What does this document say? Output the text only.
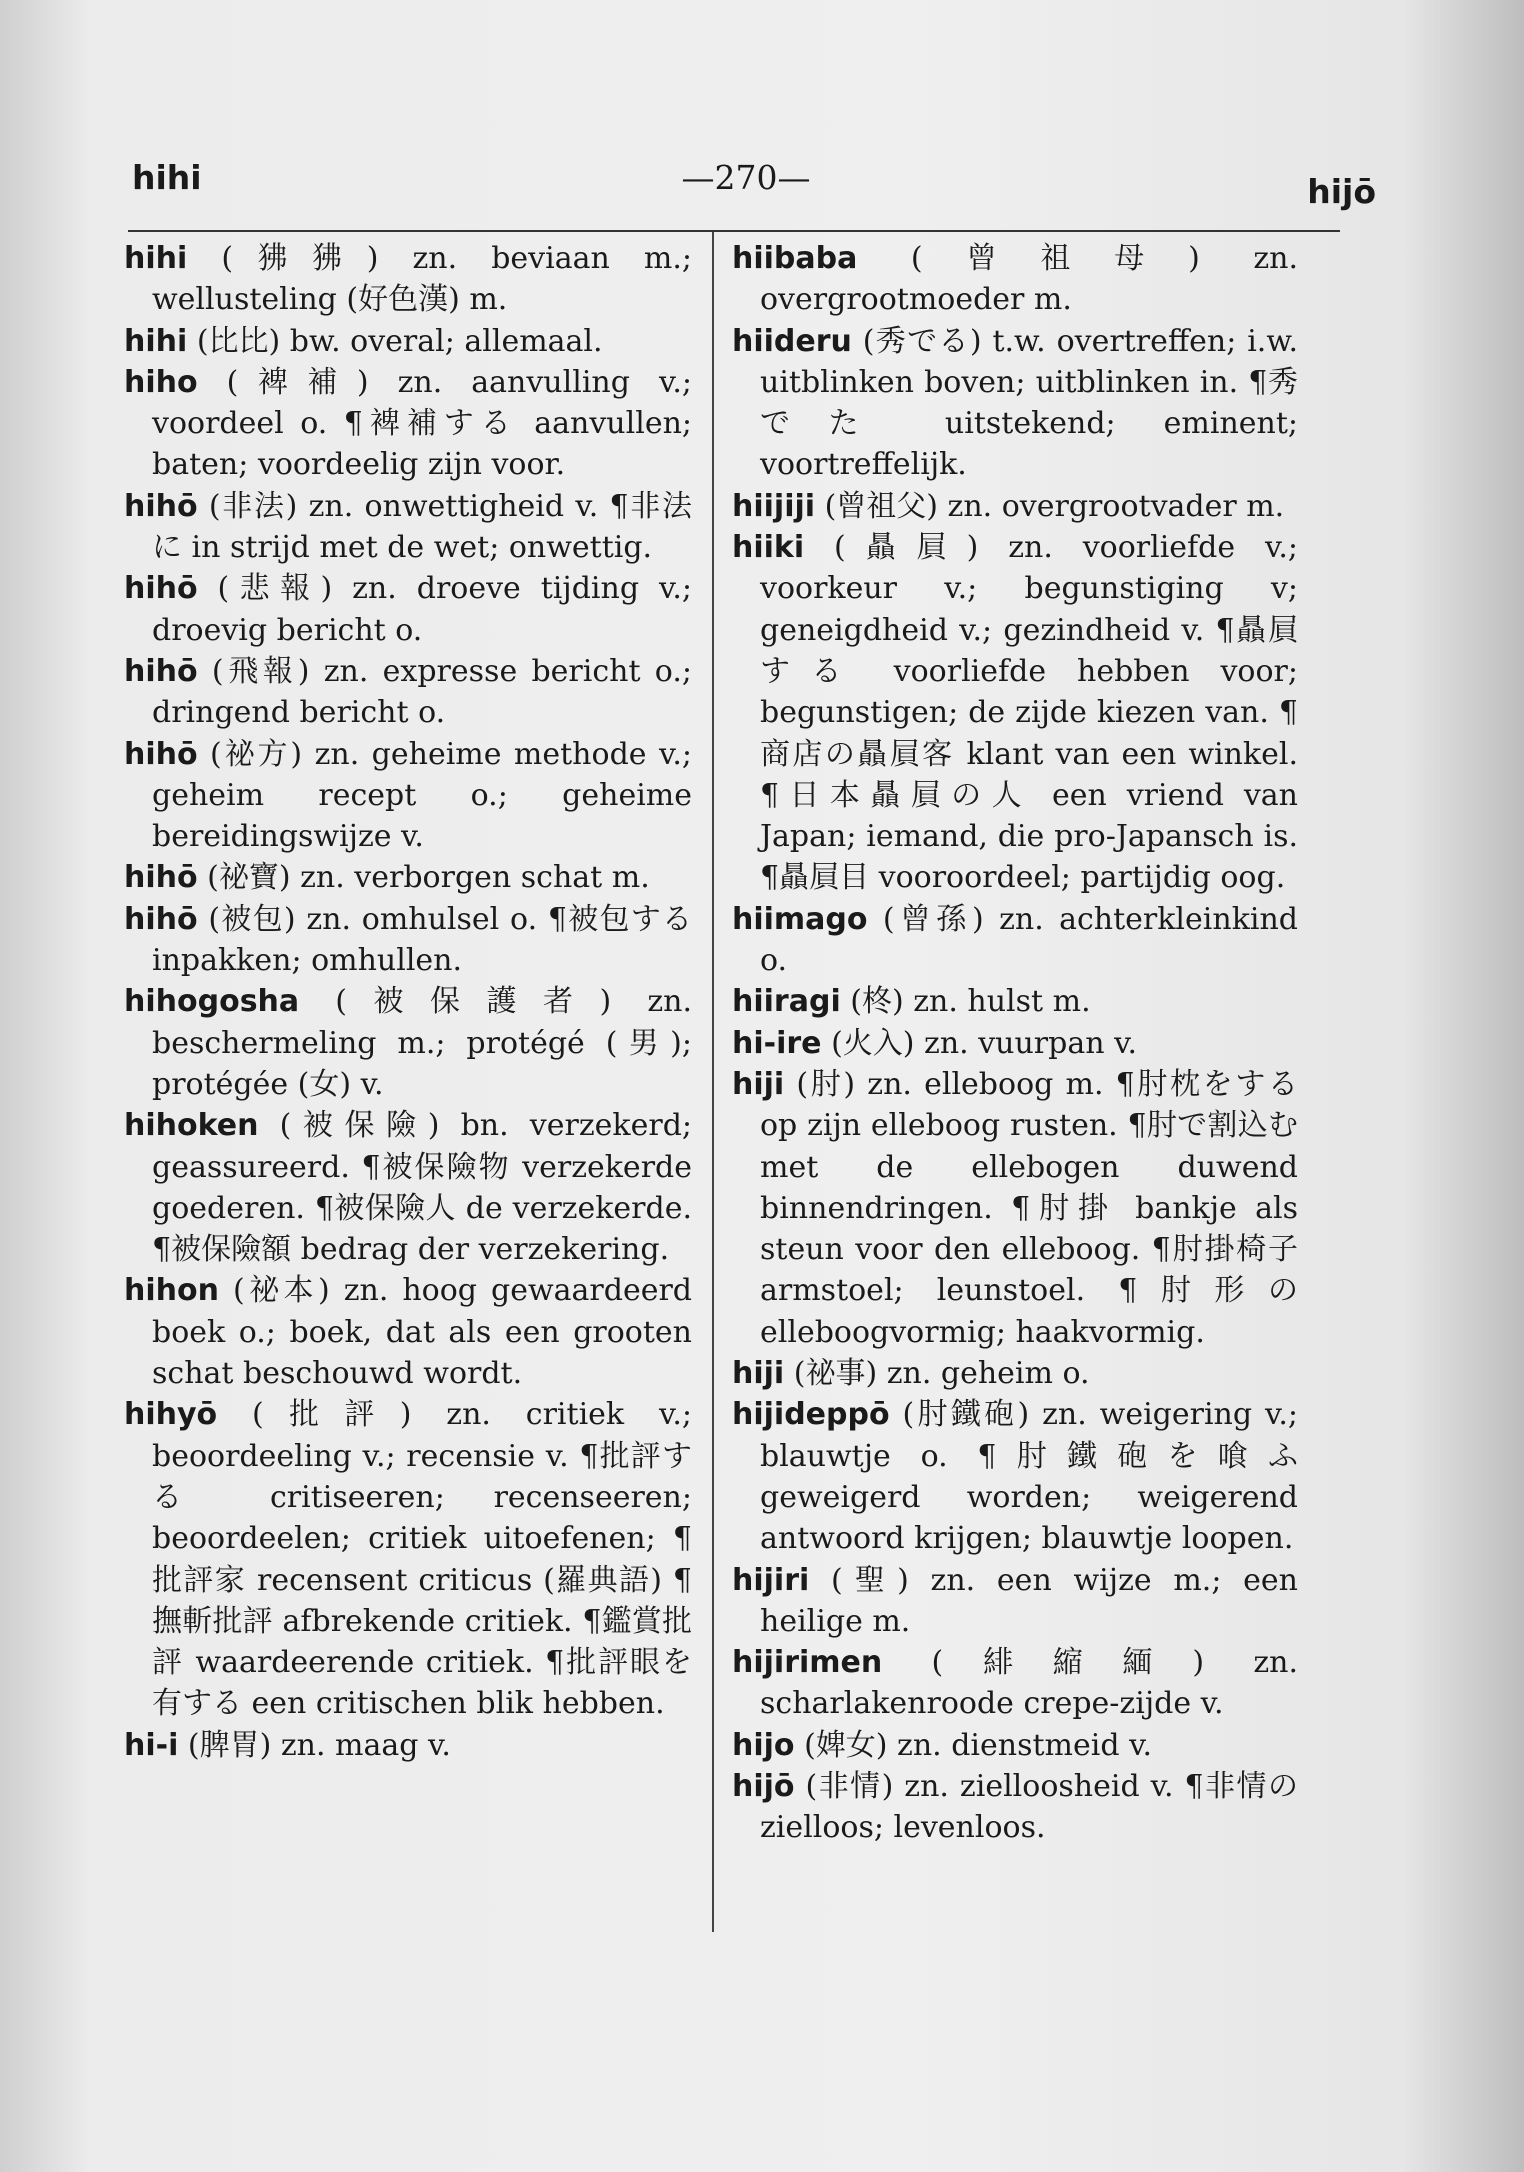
hihi	—270—	hijō
hihi (狒狒) zn. beviaan m.; wellusteling (好色漢) m.
hihi (比比) bw. overal; allemaal.
hiho (裨補) zn. aanvulling v.; voordeel o. ¶裨補する aanvullen; baten; voordeelig zijn voor.
hihō (非法) zn. onwettigheid v. ¶非法に in strijd met de wet; onwettig.
hihō (悲報) zn. droeve tijding v.; droevig bericht o.
hihō (飛報) zn. expresse bericht o.; dringend bericht o.
hihō (祕方) zn. geheime methode v.; geheim recept o.; geheime bereidingswijze v.
hihō (祕寶) zn. verborgen schat m.
hihō (被包) zn. omhulsel o. ¶被包する inpakken; omhullen.
hihogosha (被保護者) zn. beschermeling m.; protégé (男); protégée (女) v.
hihoken (被保險) bn. verzekerd; geassureerd. ¶被保險物 verzekerde goederen. ¶被保險人 de verzekerde. ¶被保險額 bedrag der verzekering.
hihon (祕本) zn. hoog gewaardeerd boek o.; boek, dat als een grooten schat beschouwd wordt.
hihyō (批評) zn. critiek v.; beoordeeling v.; recensie v. ¶批評する critiseeren; recenseeren; beoordeelen; critiek uitoefenen; ¶批評家 recensent criticus (羅典語) ¶撫斬批評 afbrekende critiek. ¶鑑賞批評 waardeerende critiek. ¶批評眼を有する een critischen blik hebben.
hi-i (脾胃) zn. maag v.
hiibaba (曾祖母) zn. overgrootmoeder m.
hiideru (秀でる) t.w. overtreffen; i.w. uitblinken boven; uitblinken in. ¶秀でた uitstekend; eminent; voortreffelijk.
hiijiji (曾祖父) zn. overgrootvader m.
hiiki (贔屓) zn. voorliefde v.; voorkeur v.; begunstiging v; geneigdheid v.; gezindheid v. ¶贔屓する voorliefde hebben voor; begunstigen; de zijde kiezen van. ¶商店の贔屓客 klant van een winkel. ¶日本贔屓の人 een vriend van Japan; iemand, die pro-Japansch is. ¶贔屓目 vooroordeel; partijdig oog.
hiimago (曾孫) zn. achterkleinkind o.
hiiragi (柊) zn. hulst m.
hi-ire (火入) zn. vuurpan v.
hiji (肘) zn. elleboog m. ¶肘枕をする op zijn elleboog rusten. ¶肘で割込む met de ellebogen duwend binnendringen. ¶肘掛 bankje als steun voor den elleboog. ¶肘掛椅子 armstoel; leunstoel. ¶肘形の elleboogvormig; haakvormig.
hiji (祕事) zn. geheim o.
hijideppō (肘鐵砲) zn. weigering v.; blauwtje o. ¶肘鐵砲を喰ふ geweigerd worden; weigerend antwoord krijgen; blauwtje loopen.
hijiri (聖) zn. een wijze m.; een heilige m.
hijirimen (緋縮緬) zn. scharlakenroode crepe-zijde v.
hijo (婢女) zn. dienstmeid v.
hijō (非情) zn. zielloosheid v. ¶非情の zielloos; levenloos.
